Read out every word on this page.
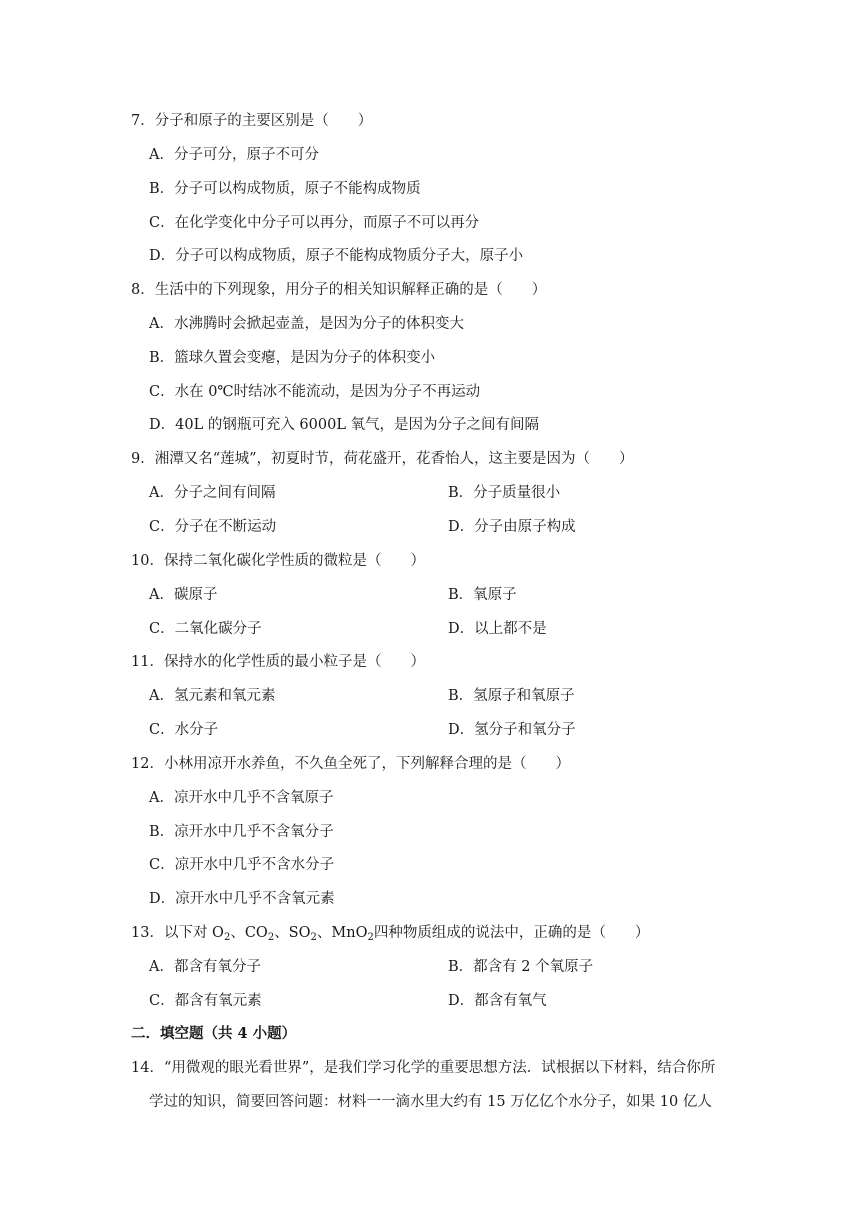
7．分子和原子的主要区别是（　　）
A．分子可分，原子不可分
B．分子可以构成物质，原子不能构成物质
C．在化学变化中分子可以再分，而原子不可以再分
D．分子可以构成物质，原子不能构成物质分子大，原子小
8．生活中的下列现象，用分子的相关知识解释正确的是（　　）
A．水沸腾时会掀起壶盖，是因为分子的体积变大
B．篮球久置会变瘪，是因为分子的体积变小
C．水在 0℃时结冰不能流动，是因为分子不再运动
D．40L 的钢瓶可充入 6000L 氧气，是因为分子之间有间隔
9．湘潭又名“莲城”，初夏时节，荷花盛开，花香怡人，这主要是因为（　　）
A．分子之间有间隔	B．分子质量很小
C．分子在不断运动	D．分子由原子构成
10．保持二氧化碳化学性质的微粒是（　　）
A．碳原子	B．氧原子
C．二氧化碳分子	D．以上都不是
11．保持水的化学性质的最小粒子是（　　）
A．氢元素和氧元素	B．氢原子和氧原子
C．水分子	D．氢分子和氧分子
12．小林用凉开水养鱼，不久鱼全死了，下列解释合理的是（　　）
A．凉开水中几乎不含氧原子
B．凉开水中几乎不含氧分子
C．凉开水中几乎不含水分子
D．凉开水中几乎不含氧元素
13．以下对 $O_2$、$CO_2$、$SO_2$、MnO$_2$四种物质组成的说法中，正确的是（　　）
A．都含有氧分子	B．都含有 2 个氧原子
C．都含有氧元素	D．都含有氧气
二．填空题（共 4 小题）
14．“用微观的眼光看世界”，是我们学习化学的重要思想方法．试根据以下材料，结合你所
学过的知识，简要回答问题：材料一一滴水里大约有 15 万亿亿个水分子，如果 10 亿人
